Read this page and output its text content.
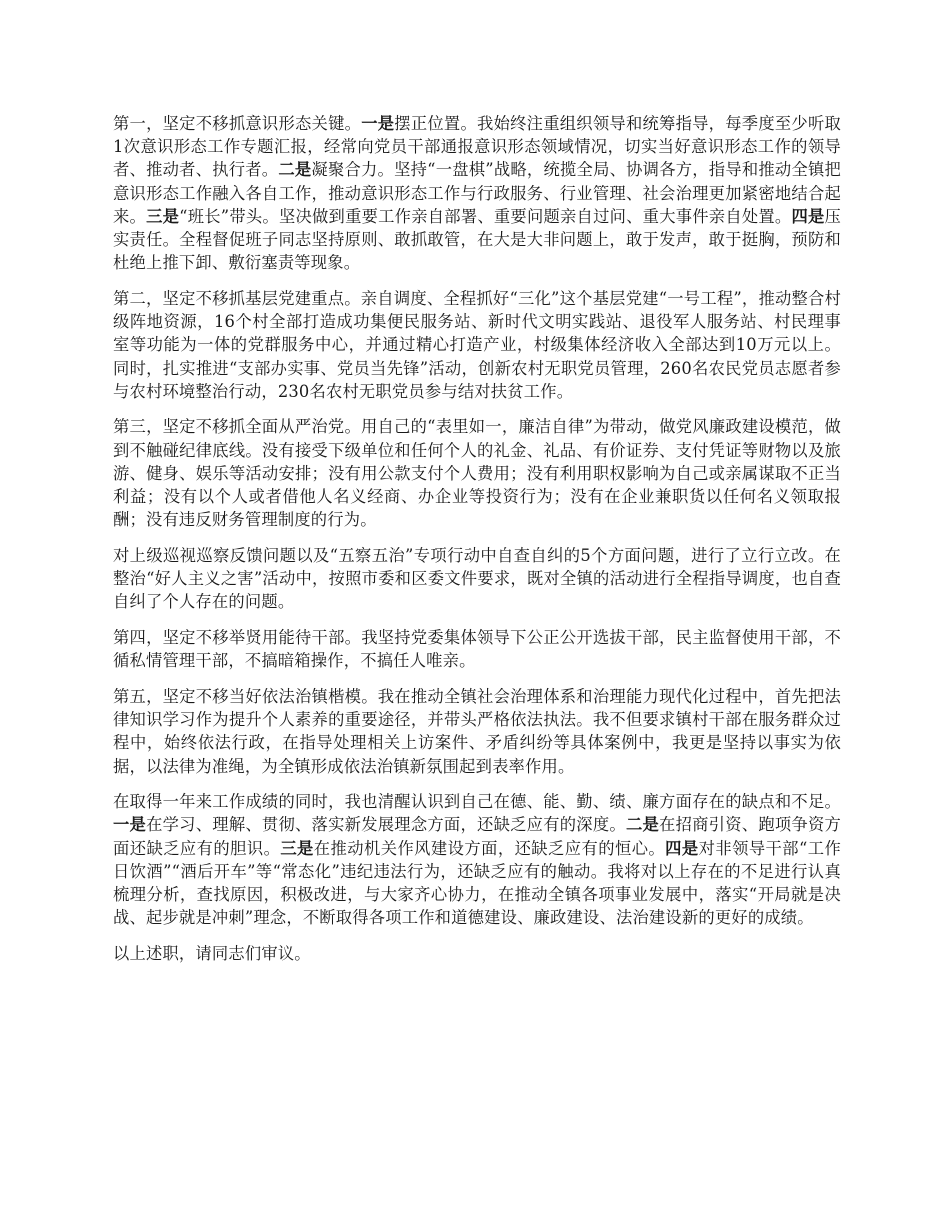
第一，坚定不移抓意识形态关键。一是摆正位置。我始终注重组织领导和统筹指导，每季度至少听取1次意识形态工作专题汇报，经常向党员干部通报意识形态领域情况，切实当好意识形态工作的领导者、推动者、执行者。二是凝聚合力。坚持“一盘棋”战略，统揽全局、协调各方，指导和推动全镇把意识形态工作融入各自工作，推动意识形态工作与行政服务、行业管理、社会治理更加紧密地结合起来。三是“班长”带头。坚决做到重要工作亲自部署、重要问题亲自过问、重大事件亲自处置。四是压实责任。全程督促班子同志坚持原则、敢抓敢管，在大是大非问题上，敢于发声，敢于挺胸，预防和杜绝上推下卸、敷衍塞责等现象。

第二，坚定不移抓基层党建重点。亲自调度、全程抓好“三化”这个基层党建“一号工程”，推动整合村级阵地资源，16个村全部打造成功集便民服务站、新时代文明实践站、退役军人服务站、村民理事室等功能为一体的党群服务中心，并通过精心打造产业，村级集体经济收入全部达到10万元以上。同时，扎实推进“支部办实事、党员当先锋”活动，创新农村无职党员管理，260名农民党员志愿者参与农村环境整治行动，230名农村无职党员参与结对扶贫工作。

第三，坚定不移抓全面从严治党。用自己的“表里如一，廉洁自律”为带动，做党风廉政建设模范，做到不触碰纪律底线。没有接受下级单位和任何个人的礼金、礼品、有价证券、支付凭证等财物以及旅游、健身、娱乐等活动安排；没有用公款支付个人费用；没有利用职权影响为自己或亲属谋取不正当利益；没有以个人或者借他人名义经商、办企业等投资行为；没有在企业兼职货以任何名义领取报酬；没有违反财务管理制度的行为。

对上级巡视巡察反馈问题以及“五察五治”专项行动中自查自纠的5个方面问题，进行了立行立改。在整治“好人主义之害”活动中，按照市委和区委文件要求，既对全镇的活动进行全程指导调度，也自查自纠了个人存在的问题。

第四，坚定不移举贤用能待干部。我坚持党委集体领导下公正公开选拔干部，民主监督使用干部，不循私情管理干部，不搞暗箱操作，不搞任人唯亲。

第五，坚定不移当好依法治镇楷模。我在推动全镇社会治理体系和治理能力现代化过程中，首先把法律知识学习作为提升个人素养的重要途径，并带头严格依法执法。我不但要求镇村干部在服务群众过程中，始终依法行政，在指导处理相关上访案件、矛盾纠纷等具体案例中，我更是坚持以事实为依据，以法律为准绳，为全镇形成依法治镇新氛围起到表率作用。

在取得一年来工作成绩的同时，我也清醒认识到自己在德、能、勤、绩、廉方面存在的缺点和不足。一是在学习、理解、贯彻、落实新发展理念方面，还缺乏应有的深度。二是在招商引资、跑项争资方面还缺乏应有的胆识。三是在推动机关作风建设方面，还缺乏应有的恒心。四是对非领导干部“工作日饮酒”“酒后开车”等“常态化”违纪违法行为，还缺乏应有的触动。我将对以上存在的不足进行认真梳理分析，查找原因，积极改进，与大家齐心协力，在推动全镇各项事业发展中，落实“开局就是决战、起步就是冲刺”理念，不断取得各项工作和道德建设、廉政建设、法治建设新的更好的成绩。

以上述职，请同志们审议。
